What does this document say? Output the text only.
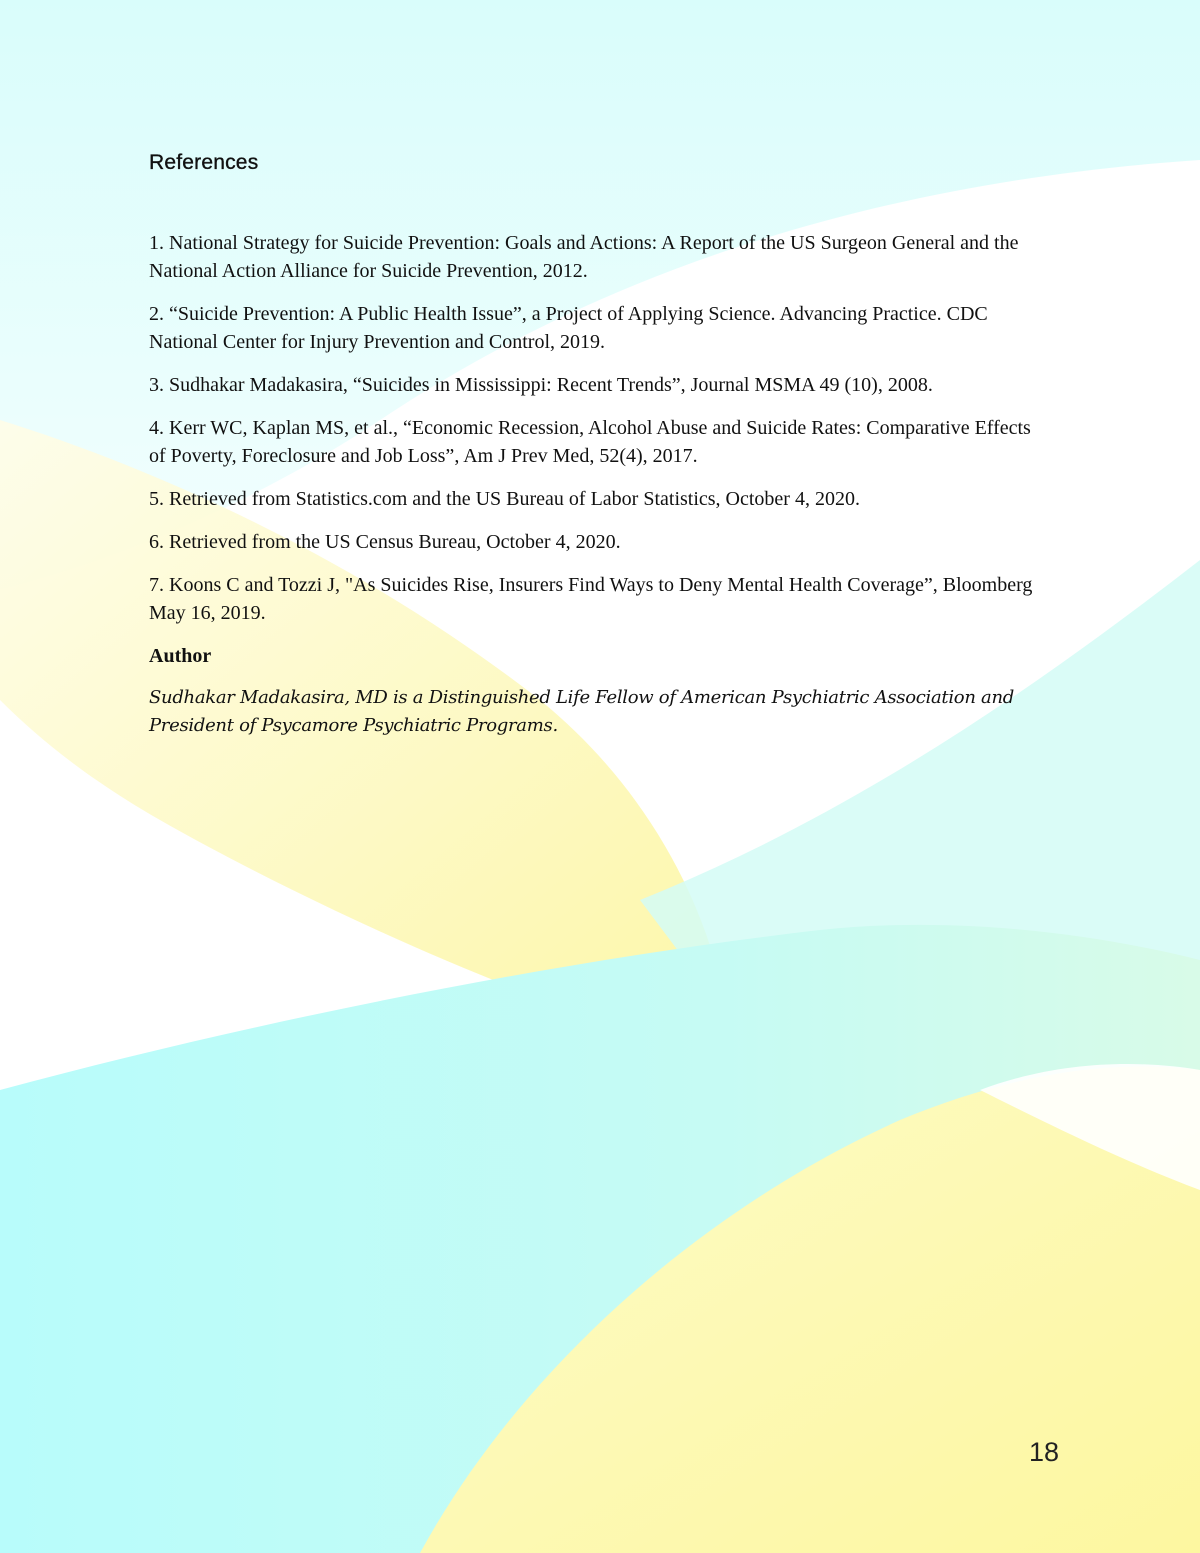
References

1. National Strategy for Suicide Prevention: Goals and Actions: A Report of the US Surgeon General and the National Action Alliance for Suicide Prevention, 2012.

2. “Suicide Prevention: A Public Health Issue”, a Project of Applying Science. Advancing Practice. CDC National Center for Injury Prevention and Control, 2019.

3. Sudhakar Madakasira, “Suicides in Mississippi: Recent Trends”, Journal MSMA 49 (10), 2008.

4. Kerr WC, Kaplan MS, et al., “Economic Recession, Alcohol Abuse and Suicide Rates: Comparative Effects of Poverty, Foreclosure and Job Loss”, Am J Prev Med, 52(4), 2017.

5. Retrieved from Statistics.com and the US Bureau of Labor Statistics, October 4, 2020.

6. Retrieved from the US Census Bureau, October 4, 2020.

7. Koons C and Tozzi J, "As Suicides Rise, Insurers Find Ways to Deny Mental Health Coverage”, Bloomberg May 16, 2019.

Author

Sudhakar Madakasira, MD is a Distinguished Life Fellow of American Psychiatric Association and President of Psycamore Psychiatric Programs.

18
